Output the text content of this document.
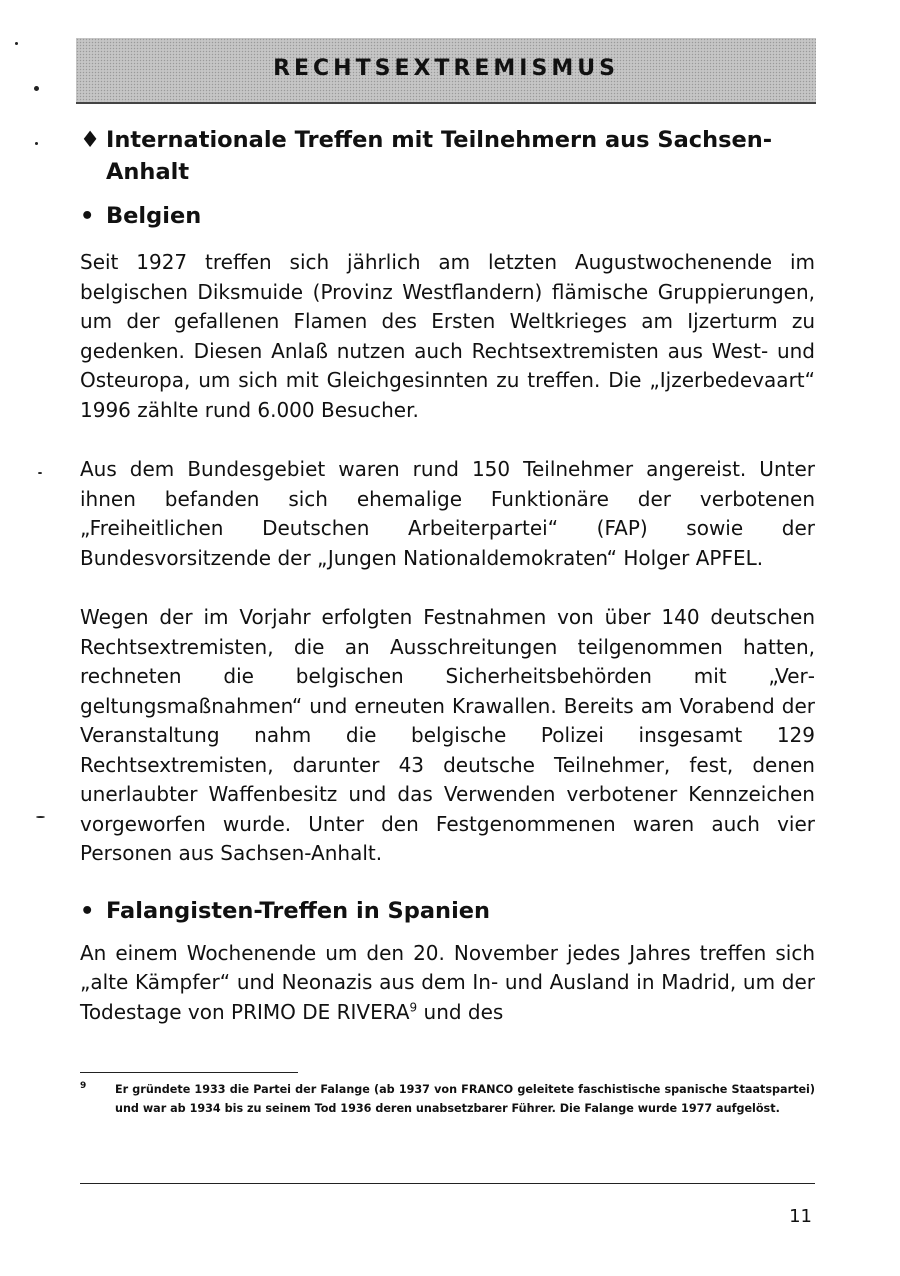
RECHTSEXTREMISMUS
♦ Internationale Treffen mit Teilnehmern aus Sachsen-
Anhalt
• Belgien

Seit 1927 treffen sich jährlich am letzten Augustwochenende im belgischen Diksmuide (Provinz Westflandern) flämische Gruppierungen, um der gefallenen Flamen des Ersten Weltkrieges am Ijzerturm zu gedenken. Diesen Anlaß nutzen auch Rechtsextremisten aus West- und Osteuropa, um sich mit Gleichgesinnten zu treffen. Die „Ijzerbedevaart“ 1996 zählte rund 6.000 Besucher.

Aus dem Bundesgebiet waren rund 150 Teilnehmer angereist. Unter ihnen befanden sich ehemalige Funktionäre der verbotenen „Freiheitlichen Deutschen Arbeiterpartei“ (FAP) sowie der Bundesvorsitzende der „Jungen Nationaldemokraten“ Holger APFEL.

Wegen der im Vorjahr erfolgten Festnahmen von über 140 deutschen Rechtsextremisten, die an Ausschreitungen teilgenommen hatten, rechneten die belgischen Sicherheitsbehörden mit „Vergeltungsmaßnahmen“ und erneuten Krawallen. Bereits am Vorabend der Veranstaltung nahm die belgische Polizei insgesamt 129 Rechtsextremisten, darunter 43 deutsche Teilnehmer, fest, denen unerlaubter Waffenbesitz und das Verwenden verbotener Kennzeichen vorgeworfen wurde. Unter den Festgenommenen waren auch vier Personen aus Sachsen-Anhalt.

• Falangisten-Treffen in Spanien

An einem Wochenende um den 20. November jedes Jahres treffen sich „alte Kämpfer“ und Neonazis aus dem In- und Ausland in Madrid, um der Todestage von PRIMO DE RIVERA$^9$ und des

9	Er gründete 1933 die Partei der Falange (ab 1937 von FRANCO geleitete faschistische spanische Staatspartei) und war ab 1934 bis zu seinem Tod 1936 deren unabsetzbarer Führer. Die Falange wurde 1977 aufgelöst.
11
